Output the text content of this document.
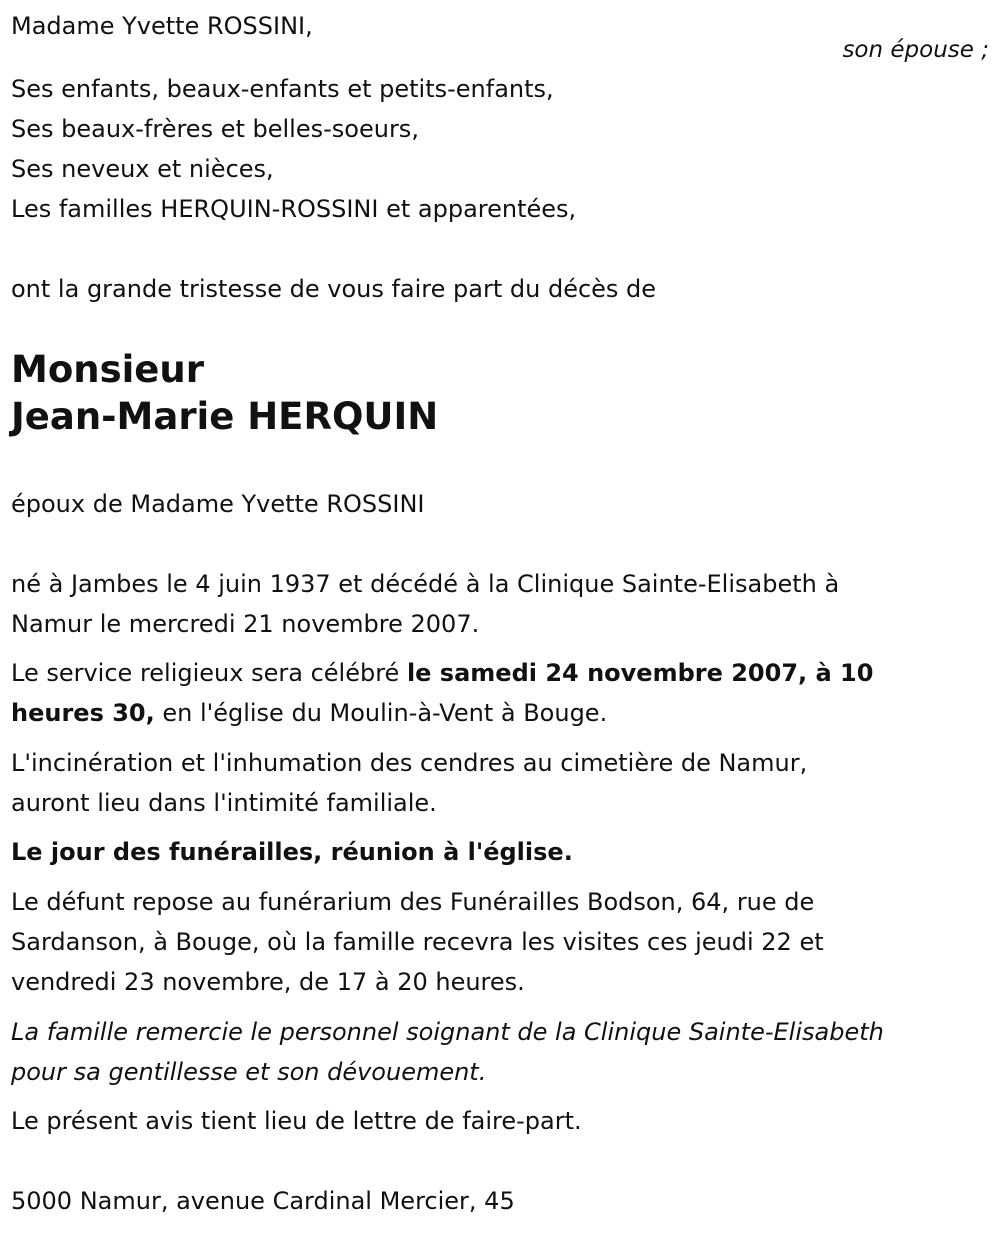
Madame Yvette ROSSINI,
son épouse ;
Ses enfants, beaux-enfants et petits-enfants,
Ses beaux-frères et belles-soeurs,
Ses neveux et nièces,
Les familles HERQUIN-ROSSINI et apparentées,
ont la grande tristesse de vous faire part du décès de
Monsieur
Jean-Marie HERQUIN
époux de Madame Yvette ROSSINI
né à Jambes le 4 juin 1937 et décédé à la Clinique Sainte-Elisabeth à
Namur le mercredi 21 novembre 2007.
Le service religieux sera célébré le samedi 24 novembre 2007, à 10
heures 30, en l'église du Moulin-à-Vent à Bouge.
L'incinération et l'inhumation des cendres au cimetière de Namur,
auront lieu dans l'intimité familiale.
Le jour des funérailles, réunion à l'église.
Le défunt repose au funérarium des Funérailles Bodson, 64, rue de
Sardanson, à Bouge, où la famille recevra les visites ces jeudi 22 et
vendredi 23 novembre, de 17 à 20 heures.
La famille remercie le personnel soignant de la Clinique Sainte-Elisabeth
pour sa gentillesse et son dévouement.
Le présent avis tient lieu de lettre de faire-part.
5000 Namur, avenue Cardinal Mercier, 45
